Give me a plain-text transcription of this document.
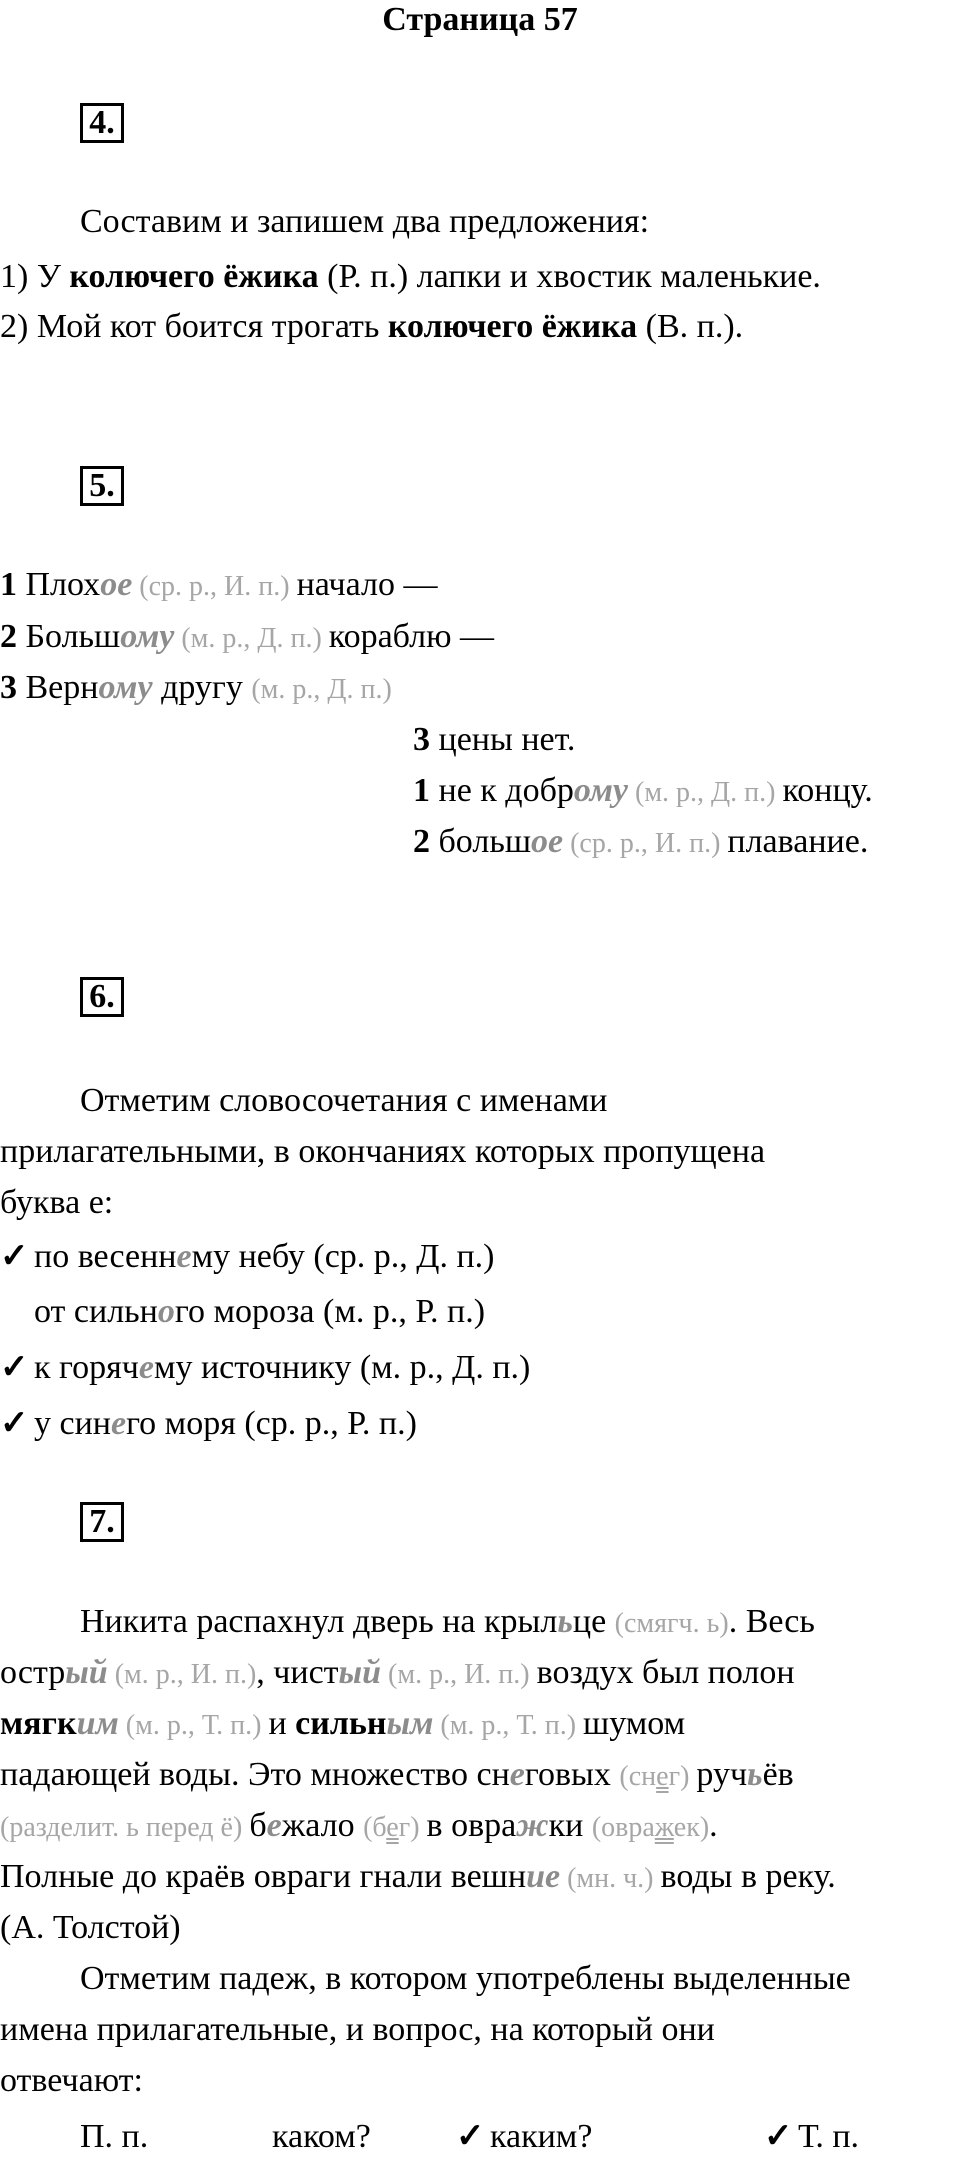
Страница 57
4.
Составим и запишем два предложения:
1) У колючего ёжика (Р. п.) лапки и хвостик маленькие.
2) Мой кот боится трогать колючего ёжика (В. п.).
5.
1 Плохое (ср. р., И. п.) начало —
2 Большому (м. р., Д. п.) кораблю —
3 Верному другу (м. р., Д. п.)
3 цены нет.
1 не к доброму (м. р., Д. п.) концу.
2 большое (ср. р., И. п.) плавание.
6.
Отметим словосочетания с именами
прилагательными, в окончаниях которых пропущена
буква е:
✓ по весеннему небу (ср. р., Д. п.)
от сильного мороза (м. р., Р. п.)
✓ к горячему источнику (м. р., Д. п.)
✓ у синего моря (ср. р., Р. п.)
7.
Никита распахнул дверь на крыльце (смягч. ь). Весь
острый (м. р., И. п.), чистый (м. р., И. п.) воздух был полон
мягким (м. р., Т. п.) и сильным (м. р., Т. п.) шумом
падающей воды. Это множество снеговых (снег) ручьёв
(разделит. ь перед ё) бежало (бег) в овражки (овражек).
Полные до краёв овраги гнали вешние (мн. ч.) воды в реку.
(А. Толстой)
Отметим падеж, в котором употреблены выделенные
имена прилагательные, и вопрос, на который они
отвечают:
П. п.	каком?	✓ каким?	✓ Т. п.
